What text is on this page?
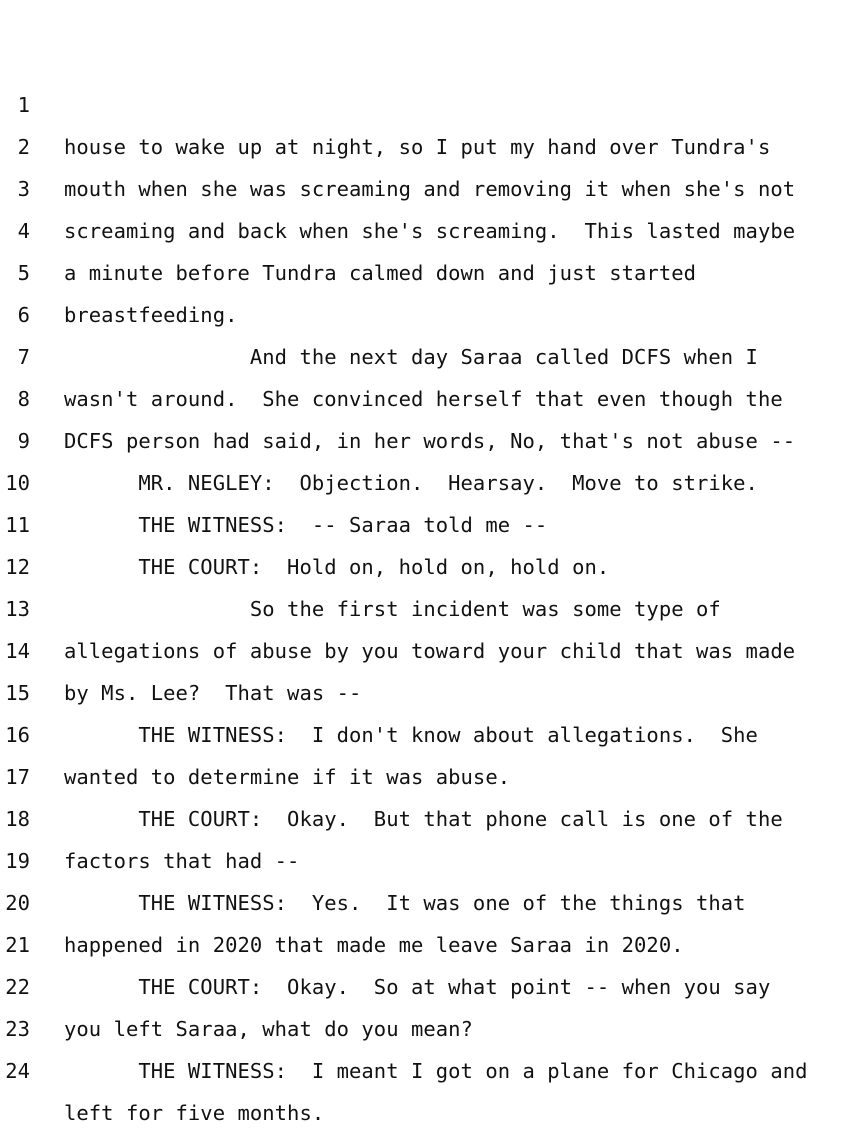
1

house to wake up at night, so I put my hand over Tundra's

2

mouth when she was screaming and removing it when she's not

3

screaming and back when she's screaming.  This lasted maybe

4

a minute before Tundra calmed down and just started

5

breastfeeding.

6

And the next day Saraa called DCFS when I

7

wasn't around.  She convinced herself that even though the

8

DCFS person had said, in her words, No, that's not abuse --

9

MR. NEGLEY:  Objection.  Hearsay.  Move to strike.

10

THE WITNESS:  -- Saraa told me --

11

THE COURT:  Hold on, hold on, hold on.

12

So the first incident was some type of

13

allegations of abuse by you toward your child that was made

14

by Ms. Lee?  That was --

15

THE WITNESS:  I don't know about allegations.  She

16

wanted to determine if it was abuse.

17

THE COURT:  Okay.  But that phone call is one of the

18

factors that had --

19

THE WITNESS:  Yes.  It was one of the things that

20

happened in 2020 that made me leave Saraa in 2020.

21

THE COURT:  Okay.  So at what point -- when you say

22

you left Saraa, what do you mean?

23

THE WITNESS:  I meant I got on a plane for Chicago and

24

left for five months.
